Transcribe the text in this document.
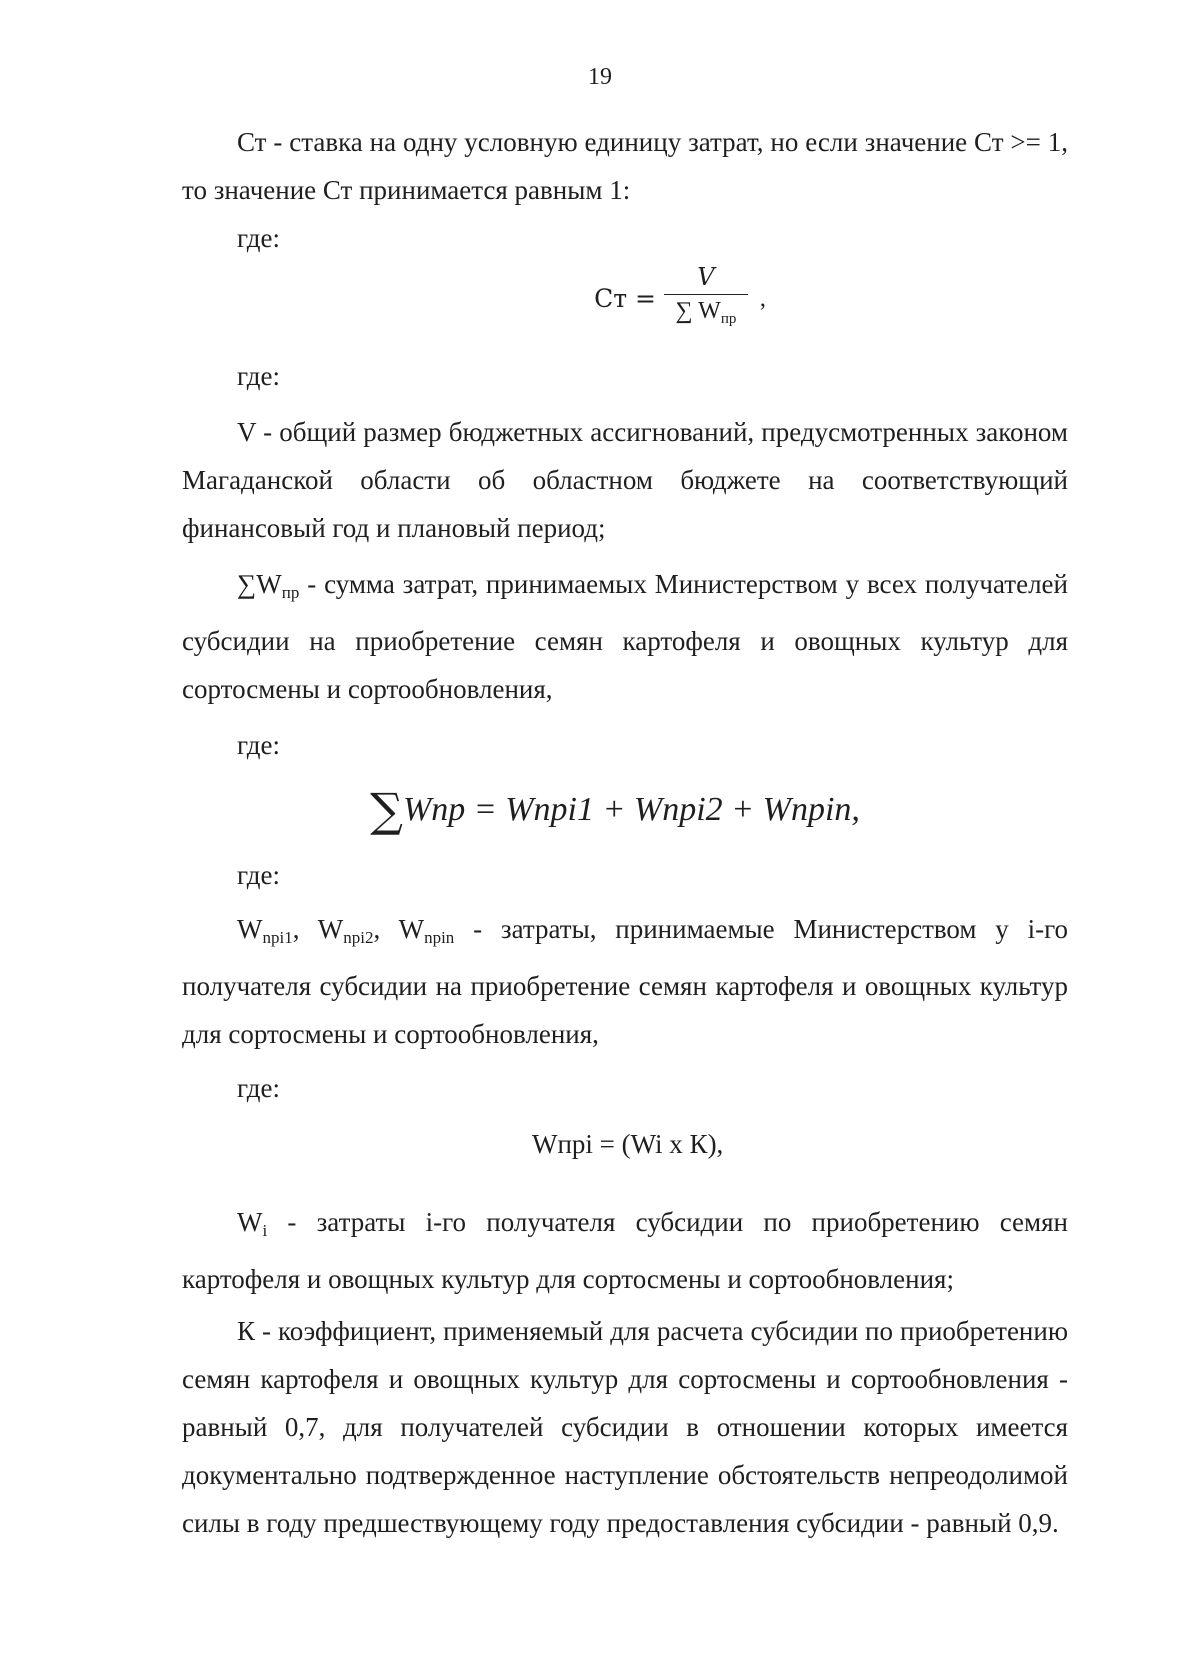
19

Ст - ставка на одну условную единицу затрат, но если значение Ст >= 1, то значение Ст принимается равным 1:

где:

Ст = $\frac{V}{\sum W_{пр}}$ ,

где:

V - общий размер бюджетных ассигнований, предусмотренных законом Магаданской области об областном бюджете на соответствующий финансовый год и плановый период;

$\sum W_{пр}$ - сумма затрат, принимаемых Министерством у всех получателей субсидии на приобретение семян картофеля и овощных культур для сортосмены и сортообновления,

где:

∑Wnp = Wnpi1 + Wnpi2 + Wnpin,

где:

$W_{npi1}$, $W_{npi2}$, $W_{npin}$ - затраты, принимаемые Министерством у i-го получателя субсидии на приобретение семян картофеля и овощных культур для сортосмены и сортообновления,

где:

Wпpi = (Wi x К),

$W_i$ - затраты i-го получателя субсидии по приобретению семян картофеля и овощных культур для сортосмены и сортообновления;

К - коэффициент, применяемый для расчета субсидии по приобретению семян картофеля и овощных культур для сортосмены и сортообновления - равный 0,7, для получателей субсидии в отношении которых имеется документально подтвержденное наступление обстоятельств непреодолимой силы в году предшествующему году предоставления субсидии - равный 0,9.
